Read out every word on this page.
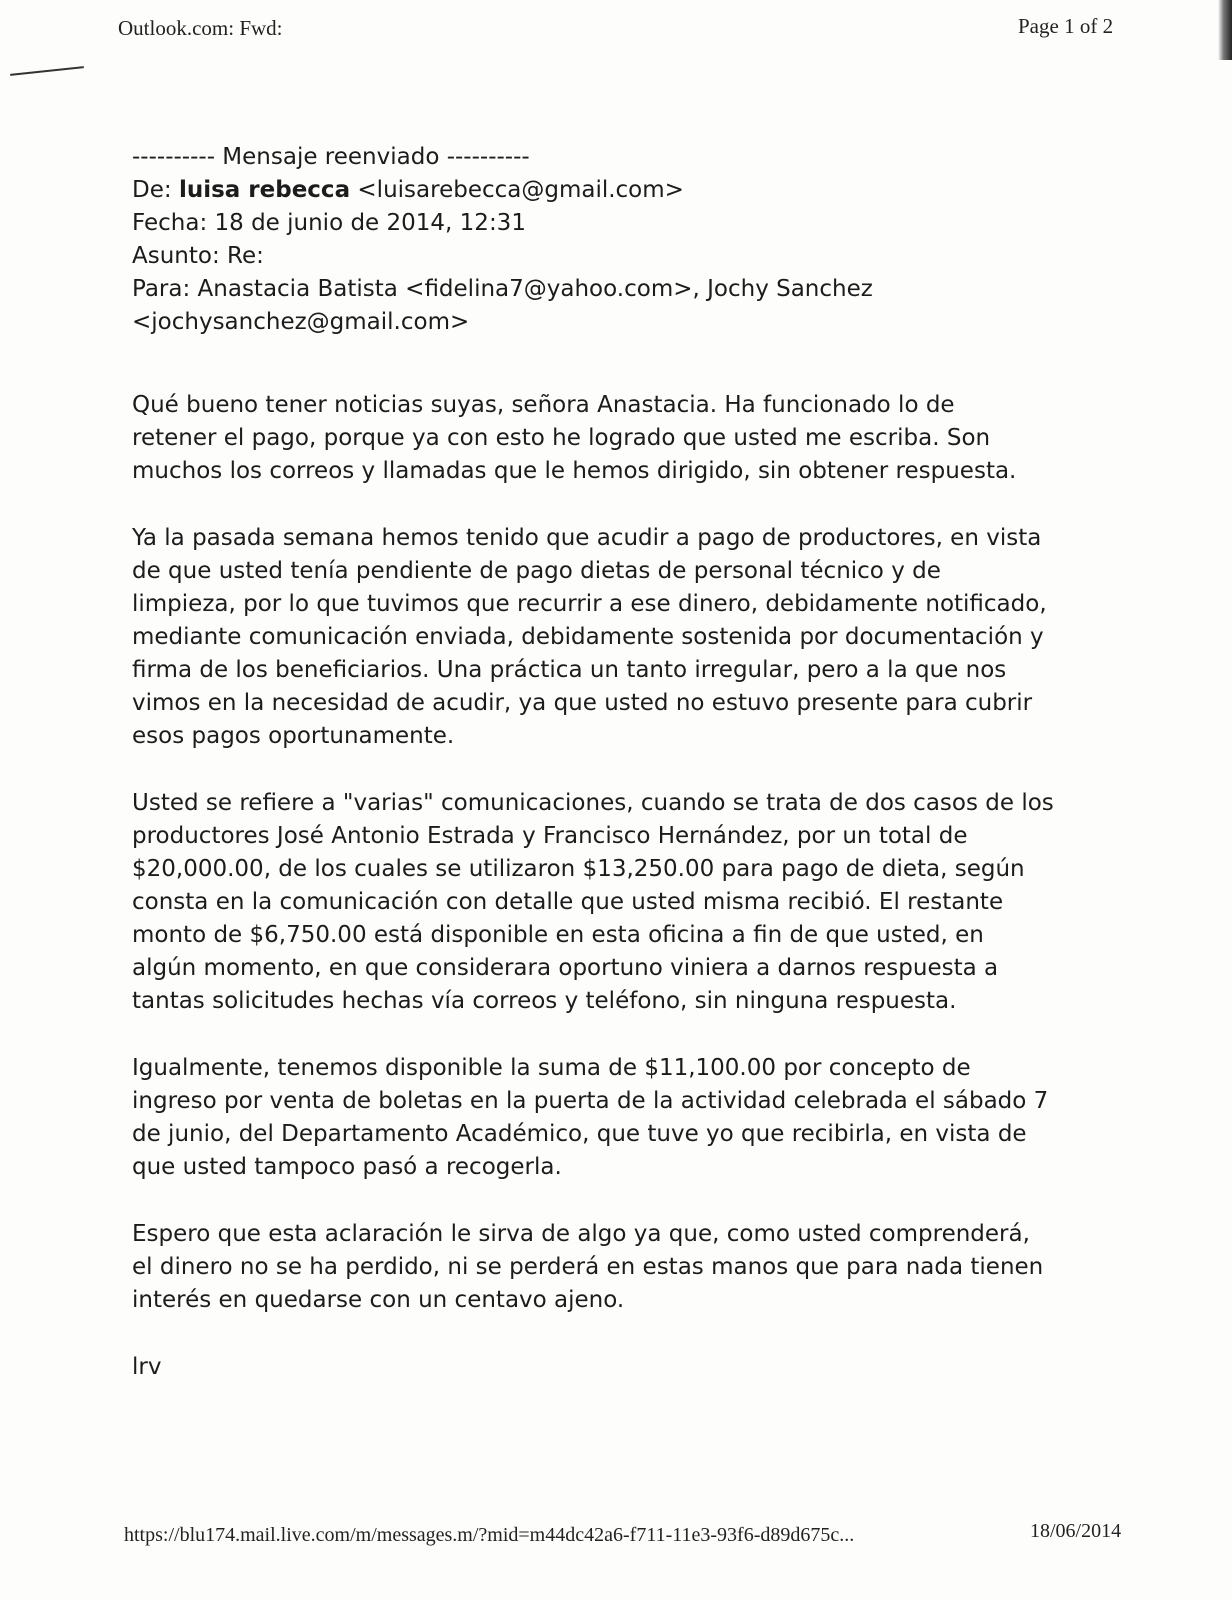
Outlook.com: Fwd:	Page 1 of 2
---------- Mensaje reenviado ----------
De: luisa rebecca <luisarebecca@gmail.com>
Fecha: 18 de junio de 2014, 12:31
Asunto: Re:
Para: Anastacia Batista <fidelina7@yahoo.com>, Jochy Sanchez
<jochysanchez@gmail.com>
Qué bueno tener noticias suyas, señora Anastacia. Ha funcionado lo de
retener el pago, porque ya con esto he logrado que usted me escriba. Son
muchos los correos y llamadas que le hemos dirigido, sin obtener respuesta.
Ya la pasada semana hemos tenido que acudir a pago de productores, en vista
de que usted tenía pendiente de pago dietas de personal técnico y de
limpieza, por lo que tuvimos que recurrir a ese dinero, debidamente notificado,
mediante comunicación enviada, debidamente sostenida por documentación y
firma de los beneficiarios. Una práctica un tanto irregular, pero a la que nos
vimos en la necesidad de acudir, ya que usted no estuvo presente para cubrir
esos pagos oportunamente.
Usted se refiere a "varias" comunicaciones, cuando se trata de dos casos de los
productores José Antonio Estrada y Francisco Hernández, por un total de
$20,000.00, de los cuales se utilizaron $13,250.00 para pago de dieta, según
consta en la comunicación con detalle que usted misma recibió. El restante
monto de $6,750.00 está disponible en esta oficina a fin de que usted, en
algún momento, en que considerara oportuno viniera a darnos respuesta a
tantas solicitudes hechas vía correos y teléfono, sin ninguna respuesta.
Igualmente, tenemos disponible la suma de $11,100.00 por concepto de
ingreso por venta de boletas en la puerta de la actividad celebrada el sábado 7
de junio, del Departamento Académico, que tuve yo que recibirla, en vista de
que usted tampoco pasó a recogerla.
Espero que esta aclaración le sirva de algo ya que, como usted comprenderá,
el dinero no se ha perdido, ni se perderá en estas manos que para nada tienen
interés en quedarse con un centavo ajeno.
lrv
https://blu174.mail.live.com/m/messages.m/?mid=m44dc42a6-f711-11e3-93f6-d89d675c...	18/06/2014
